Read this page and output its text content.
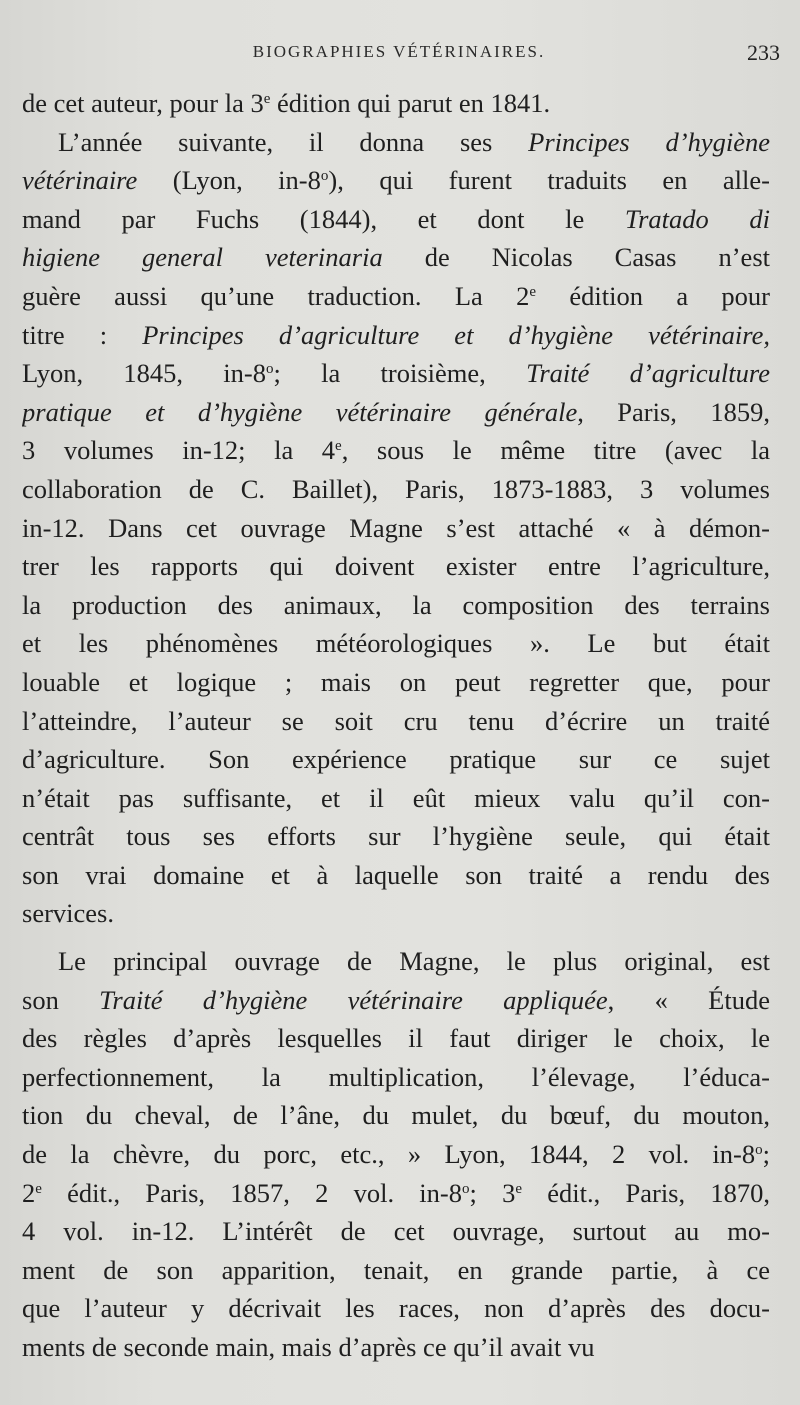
BIOGRAPHIES VÉTÉRINAIRES.	233
de cet auteur, pour la 3e édition qui parut en 1841.
L’année suivante, il donna ses Principes d’hygiène
vétérinaire (Lyon, in-8$^o$), qui furent traduits en alle-
mand par Fuchs (1844), et dont le Tratado di
higiene general veterinaria de Nicolas Casas n’est
guère aussi qu’une traduction. La 2e édition a pour
titre : Principes d’agriculture et d’hygiène vétérinaire,
Lyon, 1845, in-8$^o$; la troisième, Traité d’agriculture
pratique et d’hygiène vétérinaire générale, Paris, 1859,
3 volumes in-12; la 4e, sous le même titre (avec la
collaboration de C. Baillet), Paris, 1873-1883, 3 volumes
in-12. Dans cet ouvrage Magne s’est attaché « à démon-
trer les rapports qui doivent exister entre l’agriculture,
la production des animaux, la composition des terrains
et les phénomènes météorologiques ». Le but était
louable et logique ; mais on peut regretter que, pour
l’atteindre, l’auteur se soit cru tenu d’écrire un traité
d’agriculture. Son expérience pratique sur ce sujet
n’était pas suffisante, et il eût mieux valu qu’il con-
centrât tous ses efforts sur l’hygiène seule, qui était
son vrai domaine et à laquelle son traité a rendu des
services.
Le principal ouvrage de Magne, le plus original, est
son Traité d’hygiène vétérinaire appliquée, « Étude
des règles d’après lesquelles il faut diriger le choix, le
perfectionnement, la multiplication, l’élevage, l’éduca-
tion du cheval, de l’âne, du mulet, du bœuf, du mouton,
de la chèvre, du porc, etc., » Lyon, 1844, 2 vol. in-8$^o$;
2e édit., Paris, 1857, 2 vol. in-8$^o$; 3e édit., Paris, 1870,
4 vol. in-12. L’intérêt de cet ouvrage, surtout au mo-
ment de son apparition, tenait, en grande partie, à ce
que l’auteur y décrivait les races, non d’après des docu-
ments de seconde main, mais d’après ce qu’il avait vu
